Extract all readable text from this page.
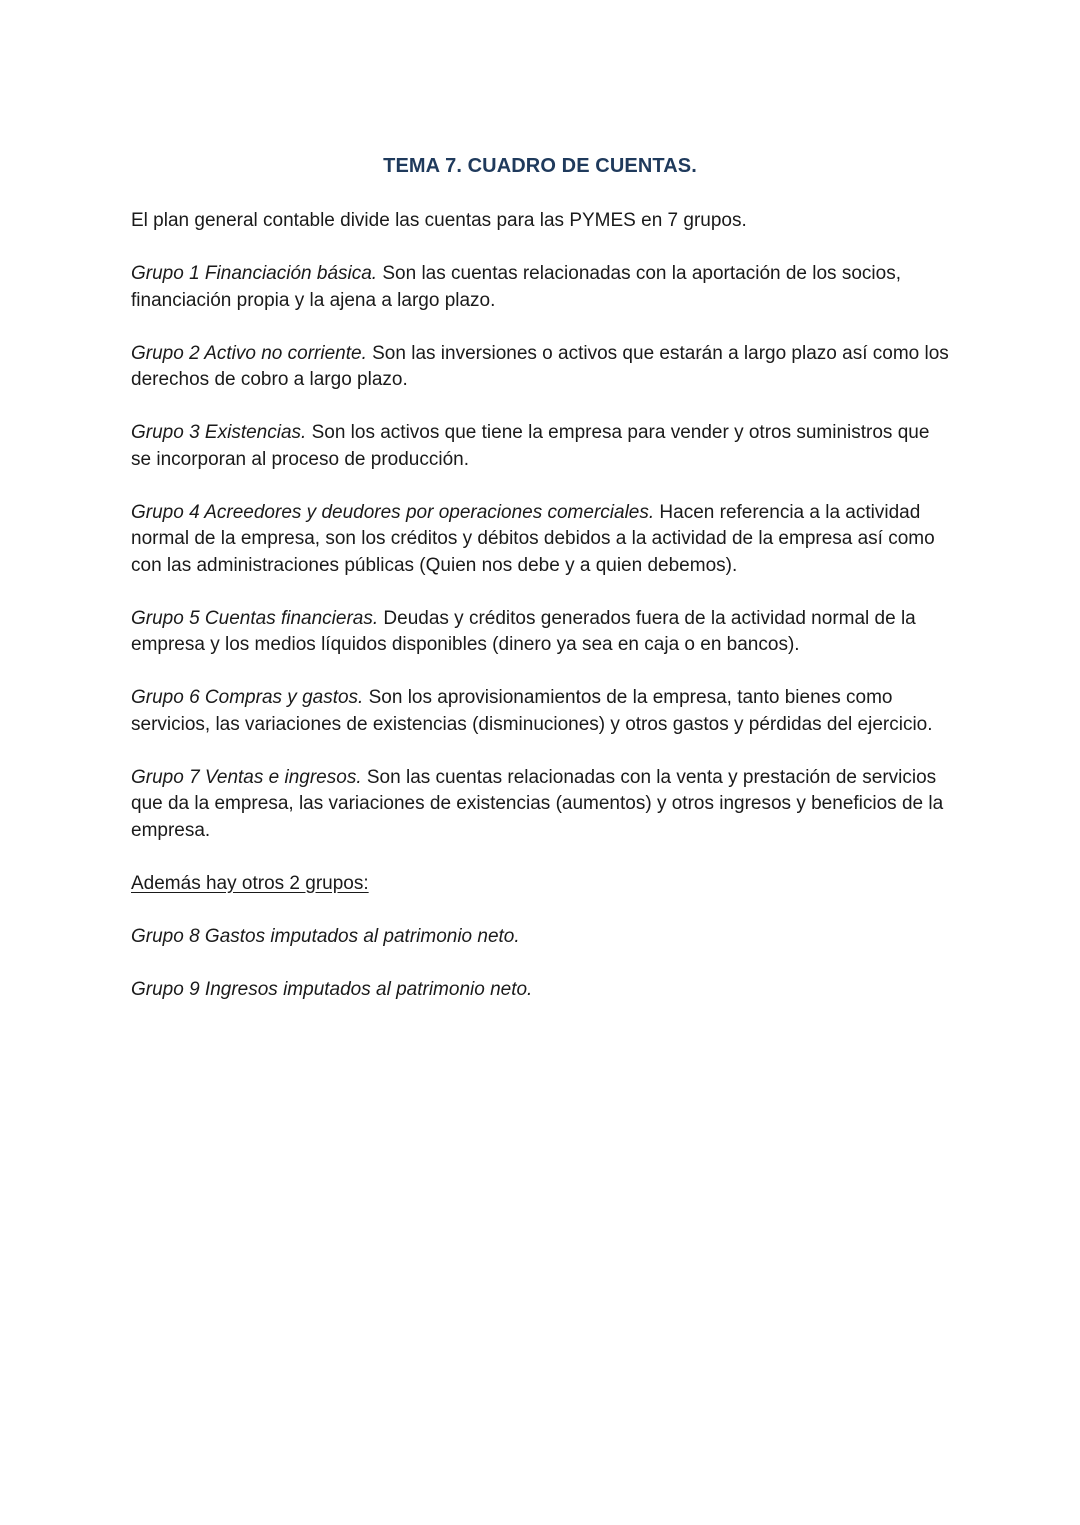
TEMA 7. CUADRO DE CUENTAS.

El plan general contable divide las cuentas para las PYMES en 7 grupos.

Grupo 1 Financiación básica. Son las cuentas relacionadas con la aportación de los socios, financiación propia y la ajena a largo plazo.

Grupo 2 Activo no corriente. Son las inversiones o activos que estarán a largo plazo así como los derechos de cobro a largo plazo.

Grupo 3 Existencias. Son los activos que tiene la empresa para vender y otros suministros que se incorporan al proceso de producción.

Grupo 4 Acreedores y deudores por operaciones comerciales. Hacen referencia a la actividad normal de la empresa, son los créditos y débitos debidos a la actividad de la empresa así como con las administraciones públicas (Quien nos debe y a quien debemos).

Grupo 5 Cuentas financieras. Deudas y créditos generados fuera de la actividad normal de la empresa y los medios líquidos disponibles (dinero ya sea en caja o en bancos).

Grupo 6 Compras y gastos. Son los aprovisionamientos de la empresa, tanto bienes como servicios, las variaciones de existencias (disminuciones) y otros gastos y pérdidas del ejercicio.

Grupo 7 Ventas e ingresos. Son las cuentas relacionadas con la venta y prestación de servicios que da la empresa, las variaciones de existencias (aumentos) y otros ingresos y beneficios de la empresa.

Además hay otros 2 grupos:

Grupo 8 Gastos imputados al patrimonio neto.

Grupo 9 Ingresos imputados al patrimonio neto.
